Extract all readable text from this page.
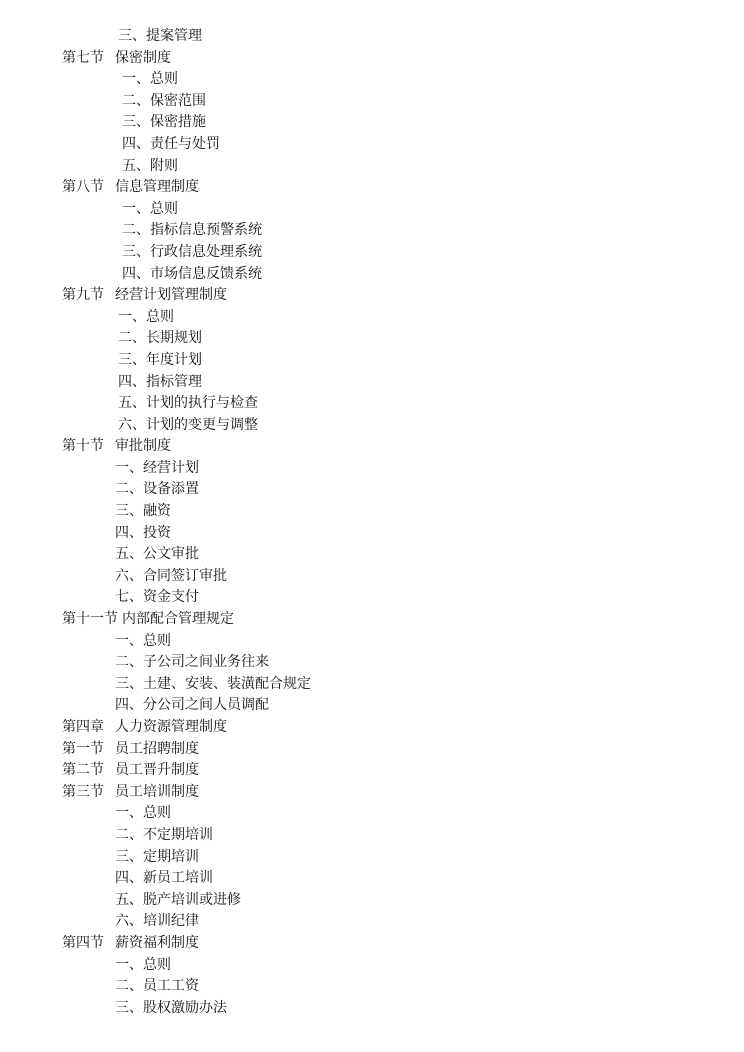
三、提案管理
第七节 保密制度
一、总则
二、保密范围
三、保密措施
四、责任与处罚
五、附则
第八节 信息管理制度
一、总则
二、指标信息预警系统
三、行政信息处理系统
四、市场信息反馈系统
第九节 经营计划管理制度
一、总则
二、长期规划
三、年度计划
四、指标管理
五、计划的执行与检查
六、计划的变更与调整
第十节 审批制度
一、经营计划
二、设备添置
三、融资
四、投资
五、公文审批
六、合同签订审批
七、资金支付
第十一节 内部配合管理规定
一、总则
二、子公司之间业务往来
三、土建、安装、装潢配合规定
四、分公司之间人员调配
第四章 人力资源管理制度
第一节 员工招聘制度
第二节 员工晋升制度
第三节 员工培训制度
一、总则
二、不定期培训
三、定期培训
四、新员工培训
五、脱产培训或进修
六、培训纪律
第四节 薪资福利制度
一、总则
二、员工工资
三、股权激励办法
